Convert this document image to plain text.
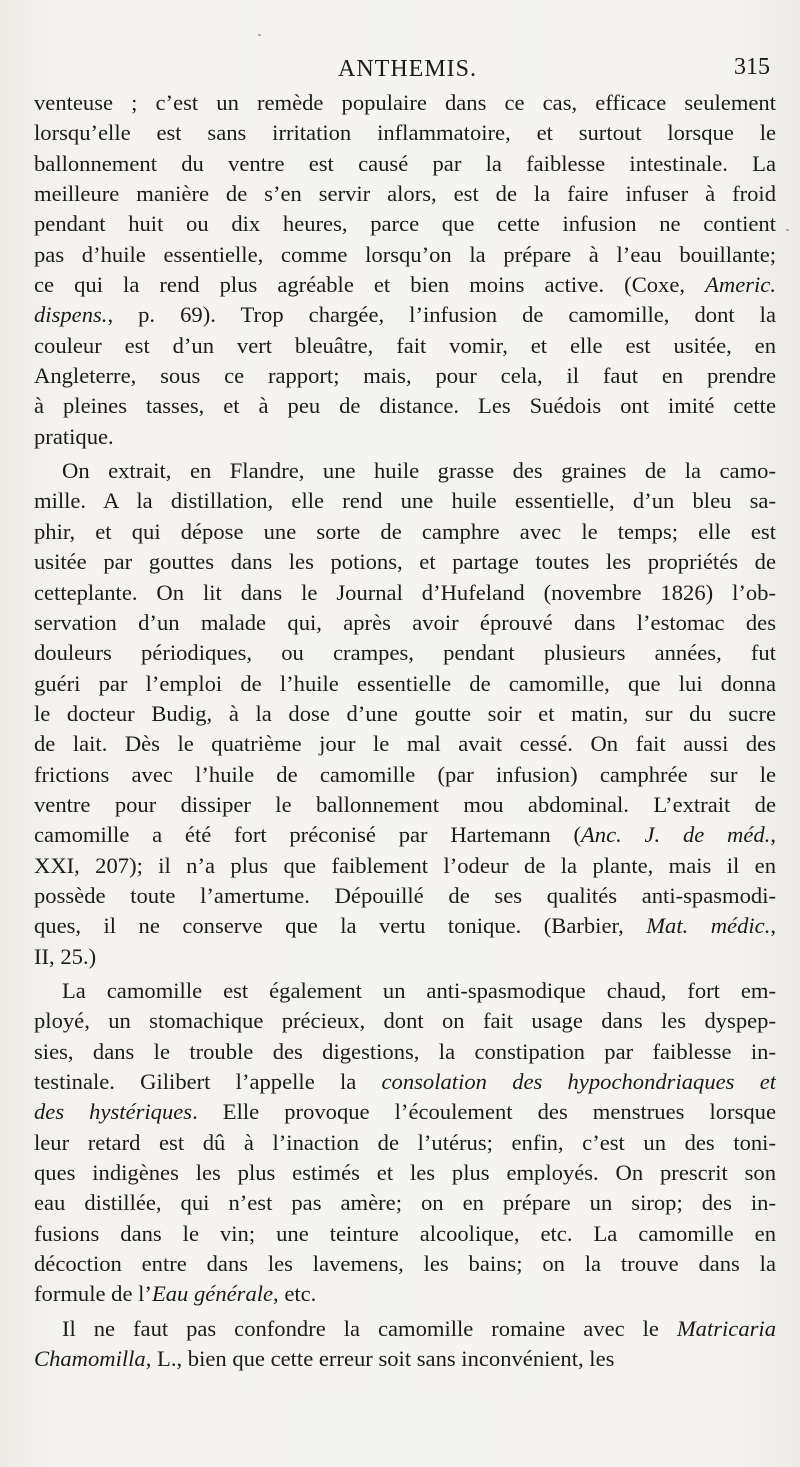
ANTHEMIS.	315
venteuse ; c’est un remède populaire dans ce cas, efficace seulement
lorsqu’elle est sans irritation inflammatoire, et surtout lorsque le
ballonnement du ventre est causé par la faiblesse intestinale. La
meilleure manière de s’en servir alors, est de la faire infuser à froid
pendant huit ou dix heures, parce que cette infusion ne contient
pas d’huile essentielle, comme lorsqu’on la prépare à l’eau bouillante;
ce qui la rend plus agréable et bien moins active. (Coxe, Americ.
dispens., p. 69). Trop chargée, l’infusion de camomille, dont la
couleur est d’un vert bleuâtre, fait vomir, et elle est usitée, en
Angleterre, sous ce rapport; mais, pour cela, il faut en prendre
à pleines tasses, et à peu de distance. Les Suédois ont imité cette
pratique.
On extrait, en Flandre, une huile grasse des graines de la camo-
mille. A la distillation, elle rend une huile essentielle, d’un bleu sa-
phir, et qui dépose une sorte de camphre avec le temps; elle est
usitée par gouttes dans les potions, et partage toutes les propriétés de
cetteplante. On lit dans le Journal d’Hufeland (novembre 1826) l’ob-
servation d’un malade qui, après avoir éprouvé dans l’estomac des
douleurs périodiques, ou crampes, pendant plusieurs années, fut
guéri par l’emploi de l’huile essentielle de camomille, que lui donna
le docteur Budig, à la dose d’une goutte soir et matin, sur du sucre
de lait. Dès le quatrième jour le mal avait cessé. On fait aussi des
frictions avec l’huile de camomille (par infusion) camphrée sur le
ventre pour dissiper le ballonnement mou abdominal. L’extrait de
camomille a été fort préconisé par Hartemann (Anc. J. de méd.,
XXI, 207); il n’a plus que faiblement l’odeur de la plante, mais il en
possède toute l’amertume. Dépouillé de ses qualités anti-spasmodi-
ques, il ne conserve que la vertu tonique. (Barbier, Mat. médic.,
II, 25.)
La camomille est également un anti-spasmodique chaud, fort em-
ployé, un stomachique précieux, dont on fait usage dans les dyspep-
sies, dans le trouble des digestions, la constipation par faiblesse in-
testinale. Gilibert l’appelle la consolation des hypochondriaques et
des hystériques. Elle provoque l’écoulement des menstrues lorsque
leur retard est dû à l’inaction de l’utérus; enfin, c’est un des toni-
ques indigènes les plus estimés et les plus employés. On prescrit son
eau distillée, qui n’est pas amère; on en prépare un sirop; des in-
fusions dans le vin; une teinture alcoolique, etc. La camomille en
décoction entre dans les lavemens, les bains; on la trouve dans la
formule de l’Eau générale, etc.
Il ne faut pas confondre la camomille romaine avec le Matricaria
Chamomilla, L., bien que cette erreur soit sans inconvénient, les
